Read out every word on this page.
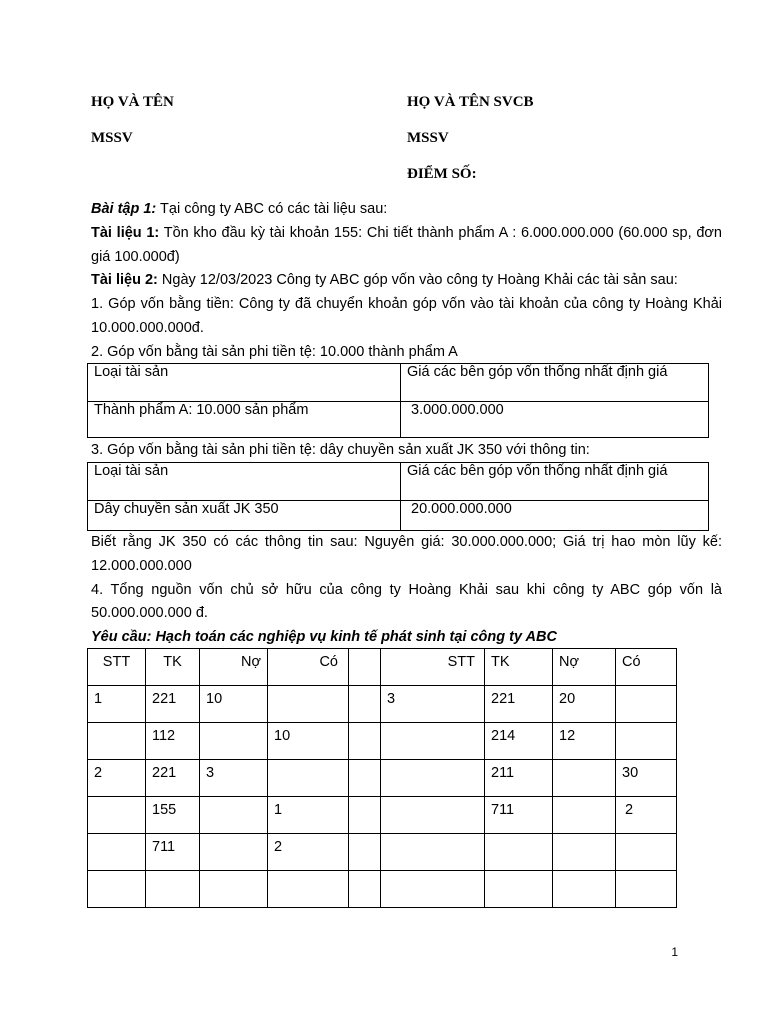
HỌ VÀ TÊN
MSSV
HỌ VÀ TÊN SVCB
MSSV
ĐIỂM SỐ:
Bài tập 1: Tại công ty ABC có các tài liệu sau:
Tài liệu 1: Tồn kho đầu kỳ tài khoản 155: Chi tiết thành phẩm A : 6.000.000.000 (60.000 sp, đơn
giá 100.000đ)
Tài liệu 2: Ngày 12/03/2023 Công ty ABC góp vốn vào công ty Hoàng Khải các tài sản sau:
1. Góp vốn bằng tiền: Công ty đã chuyển khoản góp vốn vào tài khoản của công ty Hoàng Khải
10.000.000.000đ.
2. Góp vốn bằng tài sản phi tiền tệ: 10.000 thành phẩm A
Loại tài sản	Giá các bên góp vốn thống nhất định giá
Thành phẩm A: 10.000 sản phẩm	3.000.000.000
3. Góp vốn bằng tài sản phi tiền tệ: dây chuyền sản xuất JK 350 với thông tin:
Loại tài sản	Giá các bên góp vốn thống nhất định giá
Dây chuyền sản xuất JK 350	20.000.000.000
Biết rằng JK 350 có các thông tin sau: Nguyên giá: 30.000.000.000; Giá trị hao mòn lũy kế:
12.000.000.000
4. Tổng nguồn vốn chủ sở hữu của công ty Hoàng Khải sau khi công ty ABC góp vốn là
50.000.000.000 đ.
Yêu cầu: Hạch toán các nghiệp vụ kinh tế phát sinh tại công ty ABC
STT	TK	Nợ	Có		STT	TK	Nợ	Có
1	221	10			3	221	20	
	112		10			214	12	
2	221	3				211		30
	155		1			711		2
	711		2					

1
